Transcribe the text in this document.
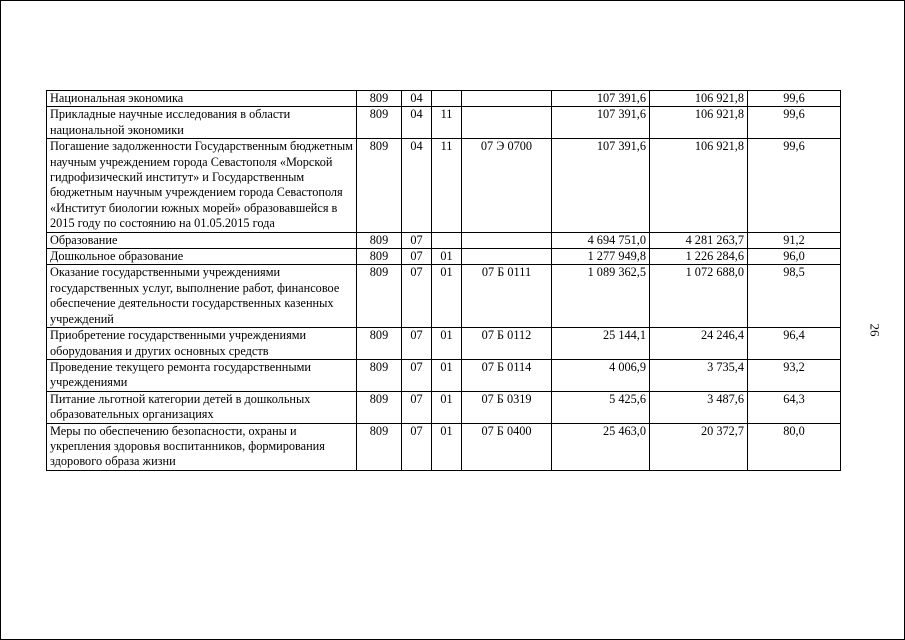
26
Национальная экономика	809	04			107 391,6	106 921,8	99,6
Прикладные научные исследования в области национальной экономики	809	04	11		107 391,6	106 921,8	99,6
Погашение задолженности Государственным бюджетным научным учреждением города Севастополя «Морской гидрофизический институт» и Государственным бюджетным научным учреждением города Севастополя «Институт биологии южных морей» образовавшейся в 2015 году по состоянию на 01.05.2015 года	809	04	11	07 Э 0700	107 391,6	106 921,8	99,6
Образование	809	07			4 694 751,0	4 281 263,7	91,2
Дошкольное образование	809	07	01		1 277 949,8	1 226 284,6	96,0
Оказание государственными учреждениями государственных услуг, выполнение работ, финансовое обеспечение деятельности государственных казенных учреждений	809	07	01	07 Б 0111	1 089 362,5	1 072 688,0	98,5
Приобретение государственными учреждениями оборудования и других основных средств	809	07	01	07 Б 0112	25 144,1	24 246,4	96,4
Проведение текущего ремонта государственными учреждениями	809	07	01	07 Б 0114	4 006,9	3 735,4	93,2
Питание льготной категории детей в дошкольных образовательных организациях	809	07	01	07 Б 0319	5 425,6	3 487,6	64,3
Меры по обеспечению безопасности, охраны и укрепления здоровья воспитанников, формирования здорового образа жизни	809	07	01	07 Б 0400	25 463,0	20 372,7	80,0
